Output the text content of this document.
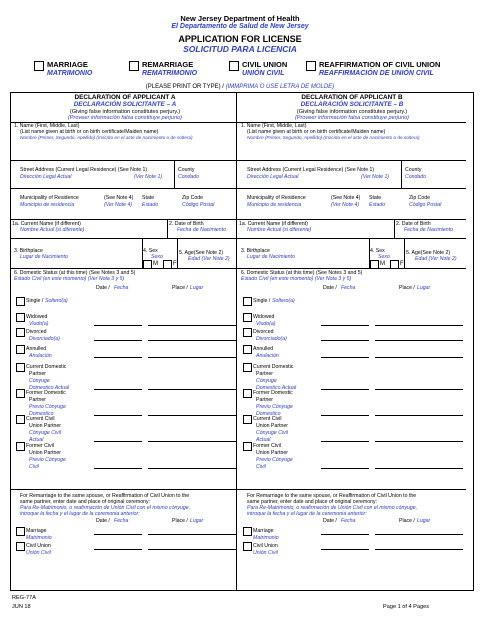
New Jersey Department of Health
El Departamento de Salud de New Jersey
APPLICATION FOR LICENSE
SOLICITUD PARA LICENCIA
MARRIAGE
MATRIMONIO
REMARRIAGE
REMATRIMONIO
CIVIL UNION
UNIÓN CIVIL
REAFFIRMATION OF CIVIL UNION
REAFFIRMACIÓN DE UNIÓN CIVIL
(PLEASE PRINT OR TYPE) / (IMMPRIMA O USE LETRA DE MOLDE)
DECLARATION OF APPLICANT A
DECLARACIÓN SOLICITANTE – A
(Giving false information constitutes perjury.)
(Proveer información falsa constituye perjurio)
1. Name (First, Middle, Last)
(List name given at birth or on birth certificate/Maiden name)
Nombre (Primer, Segundo, Apellido) (Inscrito en el acte de nacimiento o de soltera)
Street Address (Current Legal Residence) (See Note 1)
Dirección Legal Actual	(Ver Note 1)
County
Condado
Municipality of Residence	(See Note 4) State	Zip Code
Municipio de residencia	(Ver Note 4) Estado	Código Postal
1a. Current Name (if different)
Nombre Actual (si diferente)
2. Date of Birth
Fecha de Nacimiento
3. Birthplace
Lugar de Nacimiento
4. Sex
Sexo
M	F
5. Age(See Note 2)
Edad (Ver Note 2)
6. Domestic Status (at this time) (See Notes 3 and 5)
Estado Civil (en este momento) (Ver Nota 3 y 5)
Date / Fecha	Place / Lugar
Single / Soltero(a)
Widowed
Viudo(a)
Divorced
Divorciado(a)
Annulled
Anulación
Current Domestic
Partner
Cónyuge
Domestico Actual
Former Domestic
Partner
Previo Cónyuge
Domestico
Current Civil
Union Partner
Cónyuge Civil
Actual
Former Civil
Union Partner
Previo Cónyuge
Civil
For Remarriage to the same spouse, or Reaffirmation of Civil Union to the
same partner, enter date and place of original ceremony:
Para Re-Matrimonio, o reafirmación de Unión Civil con el mismo cónyuge,
introque la fecha y el lugar de la ceremonia anterior:
Date / Fecha	Place / Lugar
Marriage
Matrimonio
Civil Union
Unión Civil
DECLARATION OF APPLICANT B
DECLARACIÓN SOLICITANTE – B
(Giving false information constitutes perjury.)
(Proveer información falsa constituye perjurio)
1. Name (First, Middle, Last)
(List name given at birth or on birth certificate/Maiden name)
Nombre (Primer, Segundo, Apellido) (Inscrito en el acte de nacimiento o de soltera)
Street Address (Current Legal Residence) (See Note 1)
Dirección Legal Actual	(Ver Note 1)
County
Condado
Municipality of Residence	(See Note 4) State	Zip Code
Municipio de residencia	(Ver Note 4) Estado	Código Postal
1a. Current Name (if different)
Nombre Actual (si diferente)
2. Date of Birth
Fecha de Nacimiento
3. Birthplace
Lugar de Nacimiento
4. Sex
Sexo
M	F
5. Age(See Note 2)
Edad (Ver Note 2)
6. Domestic Status (at this time) (See Notes 3 and 5)
Estado Civil (en este momento) (Ver Nota 3 y 5)
Date / Fecha	Place / Lugar
Single / Soltero(a)
Widowed
Viudo(a)
Divorced
Divorciado(a)
Annulled
Anulación
Current Domestic
Partner
Cónyuge
Domestico Actual
Former Domestic
Partner
Previo Cónyuge
Domestico
Current Civil
Union Partner
Cónyuge Civil
Actual
Former Civil
Union Partner
Previo Cónyuge
Civil
For Remarriage to the same spouse, or Reaffirmation of Civil Union to the
same partner, enter date and place of original ceremony:
Para Re-Matrimonio, o reafirmación de Unión Civil con el mismo cónyuge,
introque la fecha y el lugar de la ceremonia anterior:
Date / Fecha	Place / Lugar
Marriage
Matrimonio
Civil Union
Unión Civil
REG-77A
JUN 18	Page 1 of 4 Pages
